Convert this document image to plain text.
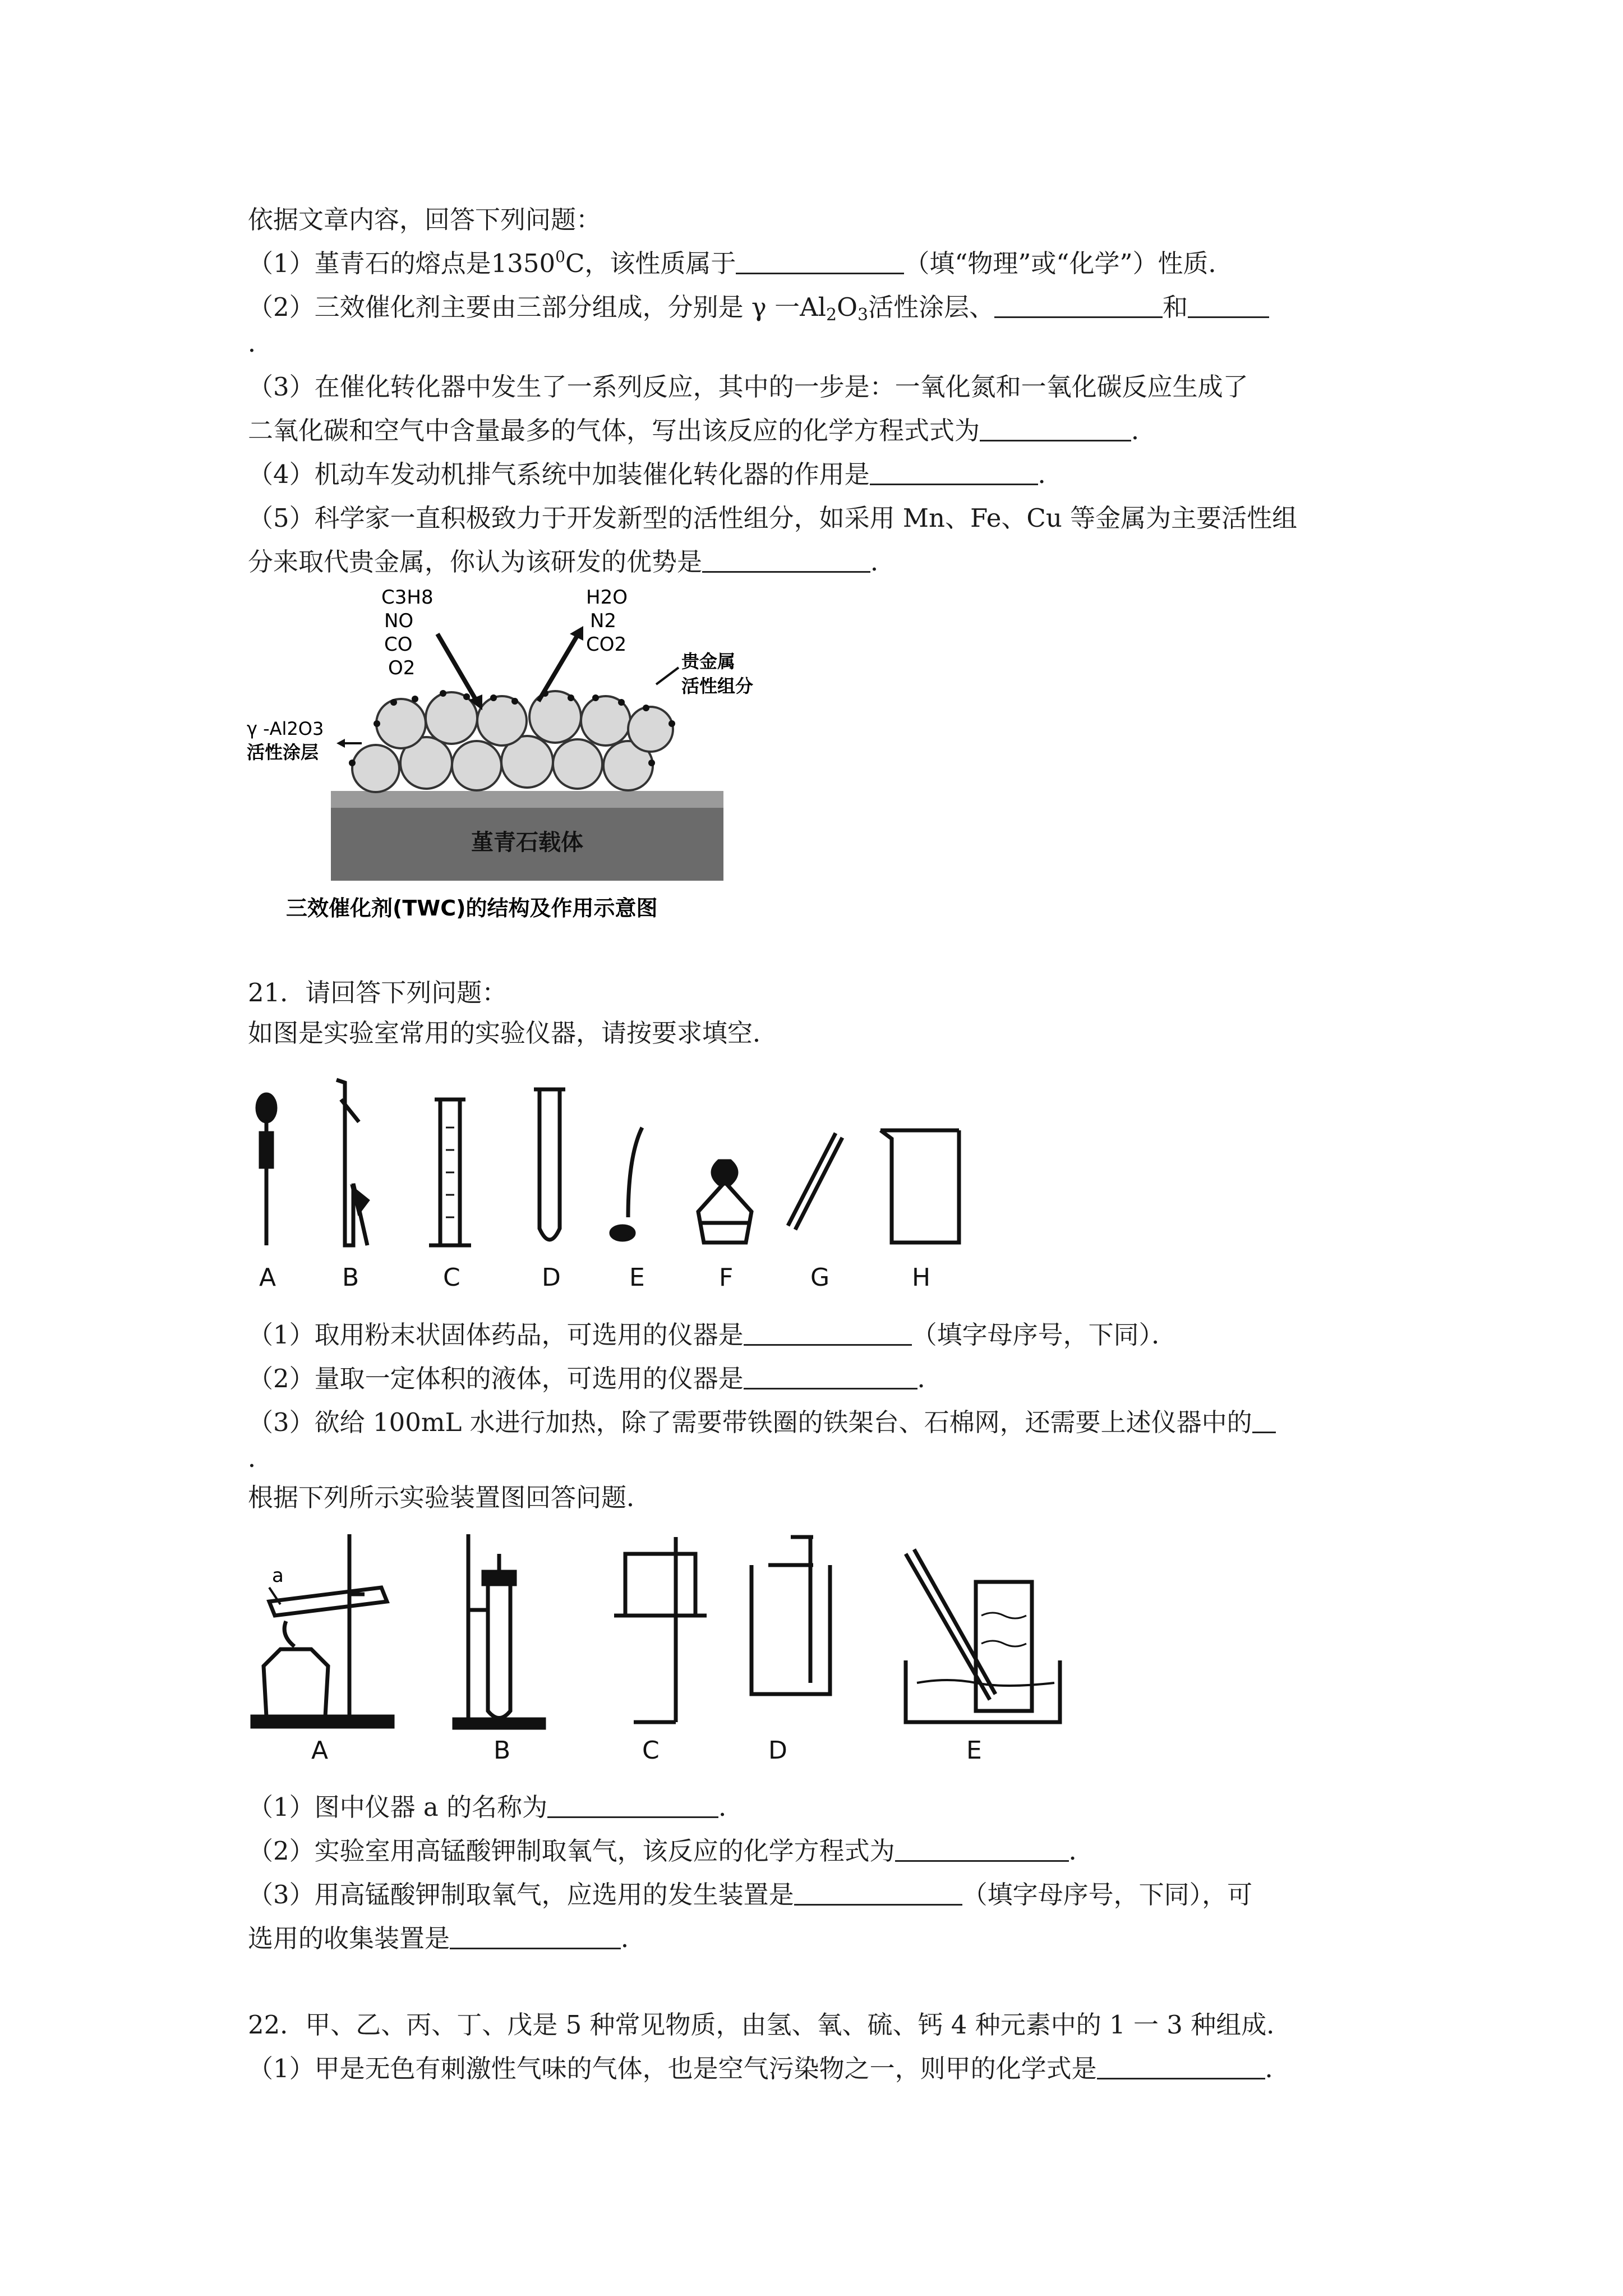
依据文章内容，回答下列问题：
（1）堇青石的熔点是1350$^0$C，该性质属于	（填“物理”或“化学”）性质．
（2）三效催化剂主要由三部分组成，分别是 γ 一$Al_2O_3$活性涂层、	和
．
（3）在催化转化器中发生了一系列反应，其中的一步是：一氧化氮和一氧化碳反应生成了
二氧化碳和空气中含量最多的气体，写出该反应的化学方程式式为	．
（4）机动车发动机排气系统中加装催化转化器的作用是	．
（5）科学家一直积极致力于开发新型的活性组分，如采用 Mn、Fe、Cu 等金属为主要活性组
分来取代贵金属，你认为该研发的优势是	．
堇青石载体
C3H8
NO
CO
O2
H2O
N2
CO2
γ -Al2O3
活性涂层
贵金属
活性组分
三效催化剂(TWC)的结构及作用示意图
21．请回答下列问题：
如图是实验室常用的实验仪器，请按要求填空．
A	B	C	D	E	F	G	H
（1）取用粉末状固体药品，可选用的仪器是	（填字母序号，下同）．
（2）量取一定体积的液体，可选用的仪器是	．
（3）欲给 100mL 水进行加热，除了需要带铁圈的铁架台、石棉网，还需要上述仪器中的
．
根据下列所示实验装置图回答问题．
a
A	B	C	D	E
（1）图中仪器 a 的名称为	．
（2）实验室用高锰酸钾制取氧气，该反应的化学方程式为	．
（3）用高锰酸钾制取氧气，应选用的发生装置是	（填字母序号，下同），可
选用的收集装置是	．
22．甲、乙、丙、丁、戊是 5 种常见物质，由氢、氧、硫、钙 4 种元素中的 1 一 3 种组成．
（1）甲是无色有刺激性气味的气体，也是空气污染物之一，则甲的化学式是	．
